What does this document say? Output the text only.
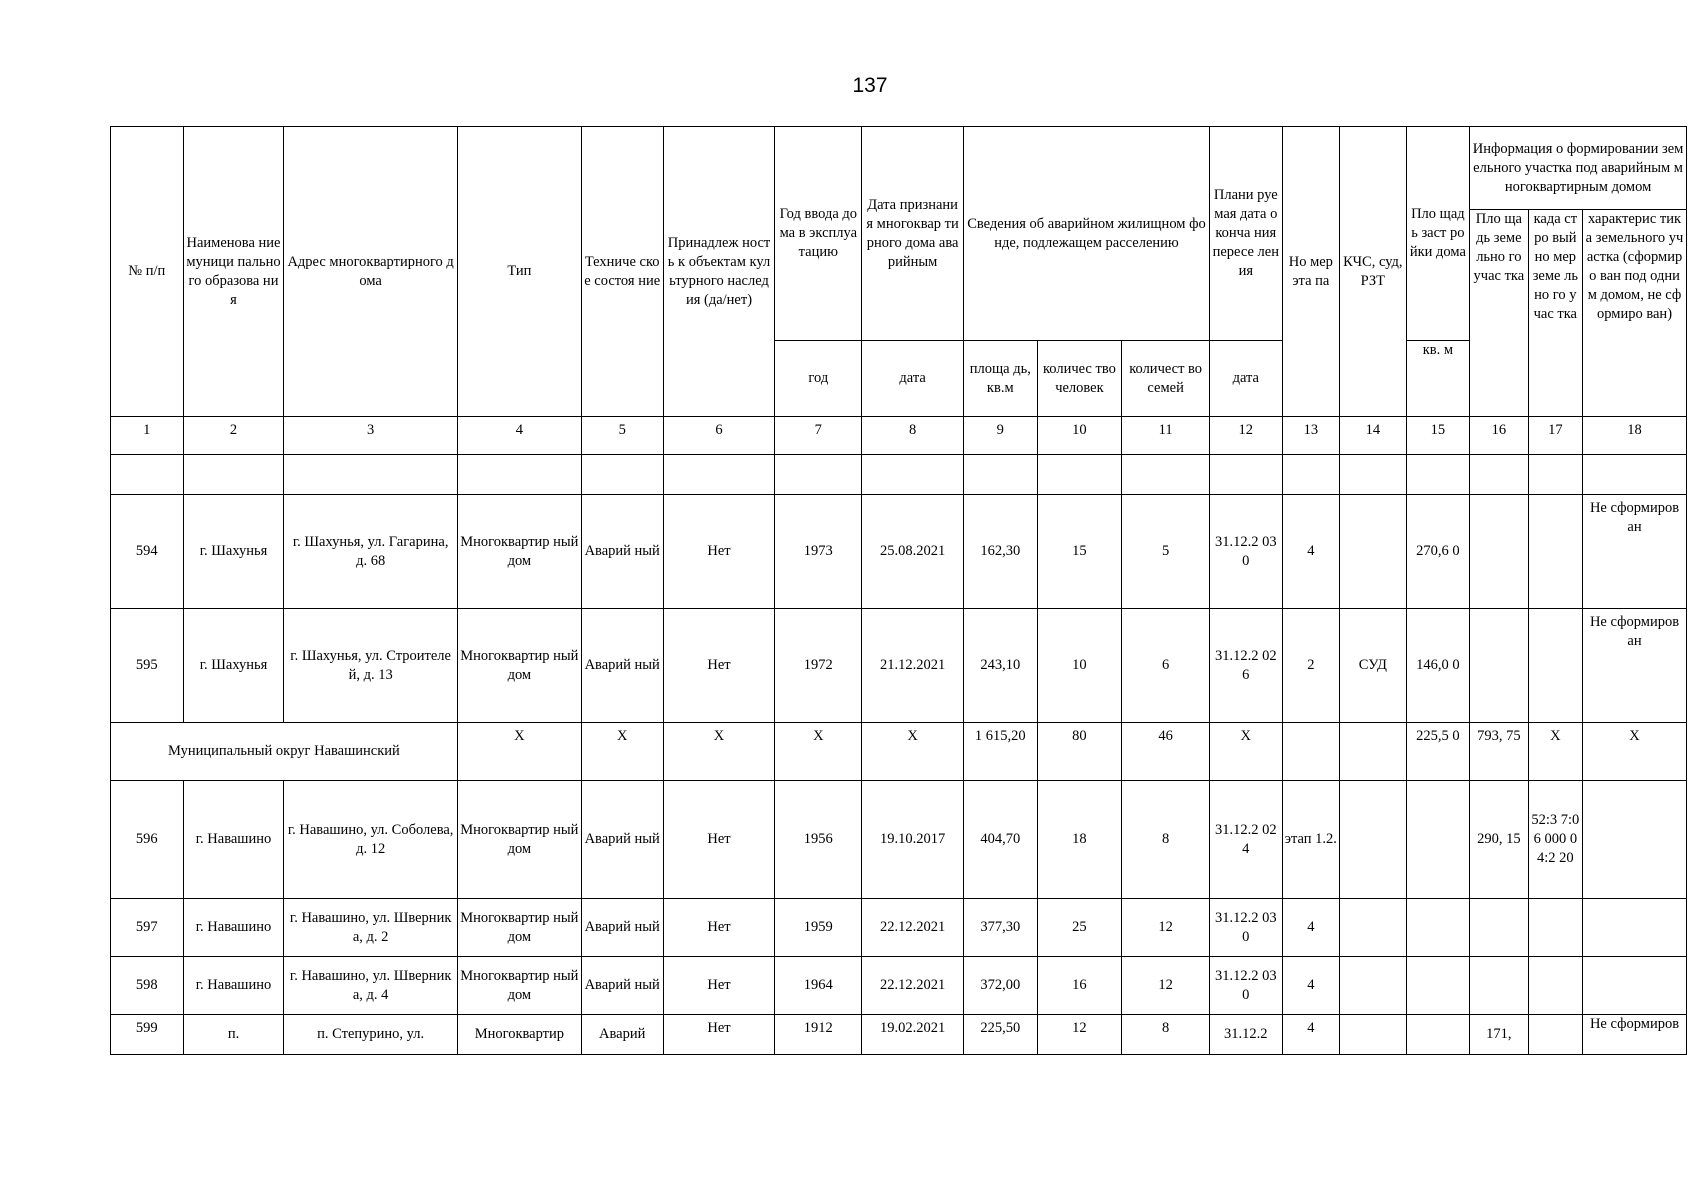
137
№ п/п	Наименова ние муници пального образова ния	Адрес многоквартирного дома	Тип	Техниче ское состоя ние	Принадлеж ность к объектам культурного наследия (да/нет)	Год ввода дома в эксплуа тацию	Дата признания многоквар тирного дома аварийным	Сведения об аварийном жилищном фонде, подлежащем расселению			Плани руемая дата оконча ния пересе ления	Но мер эта па	КЧС, суд, РЗТ	Пло щадь заст ройки дома	Информация о формировании земельного участка под аварийным многоквартирным домом		
															Пло щадь земе льно го учас тка	када стро вый но мер земе льно го учас тка	характерис тика земельного участка (сформиро ван под одним домом, не сформиро ван)
						год	дата	площа дь, кв.м	количес тво человек	количест во семей	дата			кв. м			
1	2	3	4	5	6	7	8	9	10	11	12	13	14	15	16	17	18

594	г. Шахунья	г. Шахунья, ул. Гагарина, д. 68	Многоквартир ный дом	Аварий ный	Нет	1973	25.08.2021	162,30	15	5	31.12.2 030	4		270,6 0			Не сформиров ан
595	г. Шахунья	г. Шахунья, ул. Строителей, д. 13	Многоквартир ный дом	Аварий ный	Нет	1972	21.12.2021	243,10	10	6	31.12.2 026	2	СУД	146,0 0			Не сформиров ан
Муниципальный округ Навашинский			X	X	X	X	X	1 615,20	80	46	X			225,5 0	793, 75	X	X
596	г. Навашино	г. Навашино, ул. Соболева, д. 12	Многоквартир ный дом	Аварий ный	Нет	1956	19.10.2017	404,70	18	8	31.12.2 024	этап 1.2.			290, 15	52:3 7:06 000 04:2 20	
597	г. Навашино	г. Навашино, ул. Шверника, д. 2	Многоквартир ный дом	Аварий ный	Нет	1959	22.12.2021	377,30	25	12	31.12.2 030	4					
598	г. Навашино	г. Навашино, ул. Шверника, д. 4	Многоквартир ный дом	Аварий ный	Нет	1964	22.12.2021	372,00	16	12	31.12.2 030	4					
599	п.	п. Степурино, ул.	Многоквартир	Аварий	Нет	1912	19.02.2021	225,50	12	8	31.12.2	4			171,		Не сформиров
